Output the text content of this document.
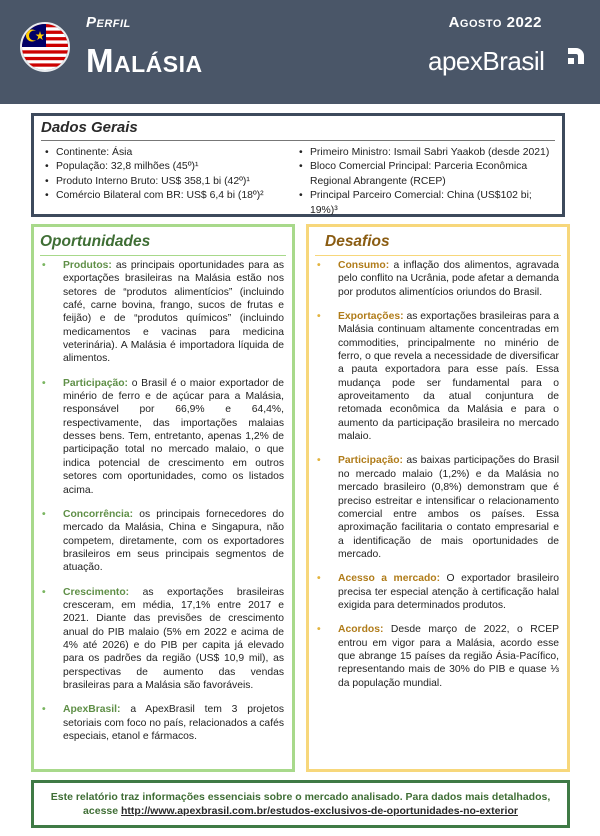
Perfil
Malásia
Agosto 2022
apexBrasil
Dados Gerais
• Continente: Ásia
• População: 32,8 milhões (45º)¹
• Produto Interno Bruto: US$ 358,1 bi (42º)¹
• Comércio Bilateral com BR: US$ 6,4 bi (18º)²
• Primeiro Ministro: Ismail Sabri Yaakob (desde 2021)
• Bloco Comercial Principal: Parceria Econômica Regional Abrangente (RCEP)
• Principal Parceiro Comercial: China (US$102 bi; 19%)³
Oportunidades
• Produtos: as principais oportunidades para as exportações brasileiras na Malásia estão nos setores de “produtos alimentícios” (incluindo café, carne bovina, frango, sucos de frutas e feijão) e de “produtos químicos” (incluindo medicamentos e vacinas para medicina veterinária). A Malásia é importadora líquida de alimentos.
• Participação: o Brasil é o maior exportador de minério de ferro e de açúcar para a Malásia, responsável por 66,9% e 64,4%, respectivamente, das importações malaias desses bens. Tem, entretanto, apenas 1,2% de participação total no mercado malaio, o que indica potencial de crescimento em outros setores com oportunidades, como os listados acima.
• Concorrência: os principais fornecedores do mercado da Malásia, China e Singapura, não competem, diretamente, com os exportadores brasileiros em seus principais segmentos de atuação.
• Crescimento: as exportações brasileiras cresceram, em média, 17,1% entre 2017 e 2021. Diante das previsões de crescimento anual do PIB malaio (5% em 2022 e acima de 4% até 2026) e do PIB per capita já elevado para os padrões da região (US$ 10,9 mil), as perspectivas de aumento das vendas brasileiras para a Malásia são favoráveis.
• ApexBrasil: a ApexBrasil tem 3 projetos setoriais com foco no país, relacionados a cafés especiais, etanol e fármacos.
Desafios
• Consumo: a inflação dos alimentos, agravada pelo conflito na Ucrânia, pode afetar a demanda por produtos alimentícios oriundos do Brasil.
• Exportações: as exportações brasileiras para a Malásia continuam altamente concentradas em commodities, principalmente no minério de ferro, o que revela a necessidade de diversificar a pauta exportadora para esse país. Essa mudança pode ser fundamental para o aproveitamento da atual conjuntura de retomada econômica da Malásia e para o aumento da participação brasileira no mercado malaio.
• Participação: as baixas participações do Brasil no mercado malaio (1,2%) e da Malásia no mercado brasileiro (0,8%) demonstram que é preciso estreitar e intensificar o relacionamento comercial entre ambos os países. Essa aproximação facilitaria o contato empresarial e a identificação de mais oportunidades de mercado.
• Acesso a mercado: O exportador brasileiro precisa ter especial atenção à certificação halal exigida para determinados produtos.
• Acordos: Desde março de 2022, o RCEP entrou em vigor para a Malásia, acordo esse que abrange 15 países da região Ásia-Pacífico, representando mais de 30% do PIB e quase ⅓ da população mundial.
Este relatório traz informações essenciais sobre o mercado analisado. Para dados mais detalhados,
acesse http://www.apexbrasil.com.br/estudos-exclusivos-de-oportunidades-no-exterior
